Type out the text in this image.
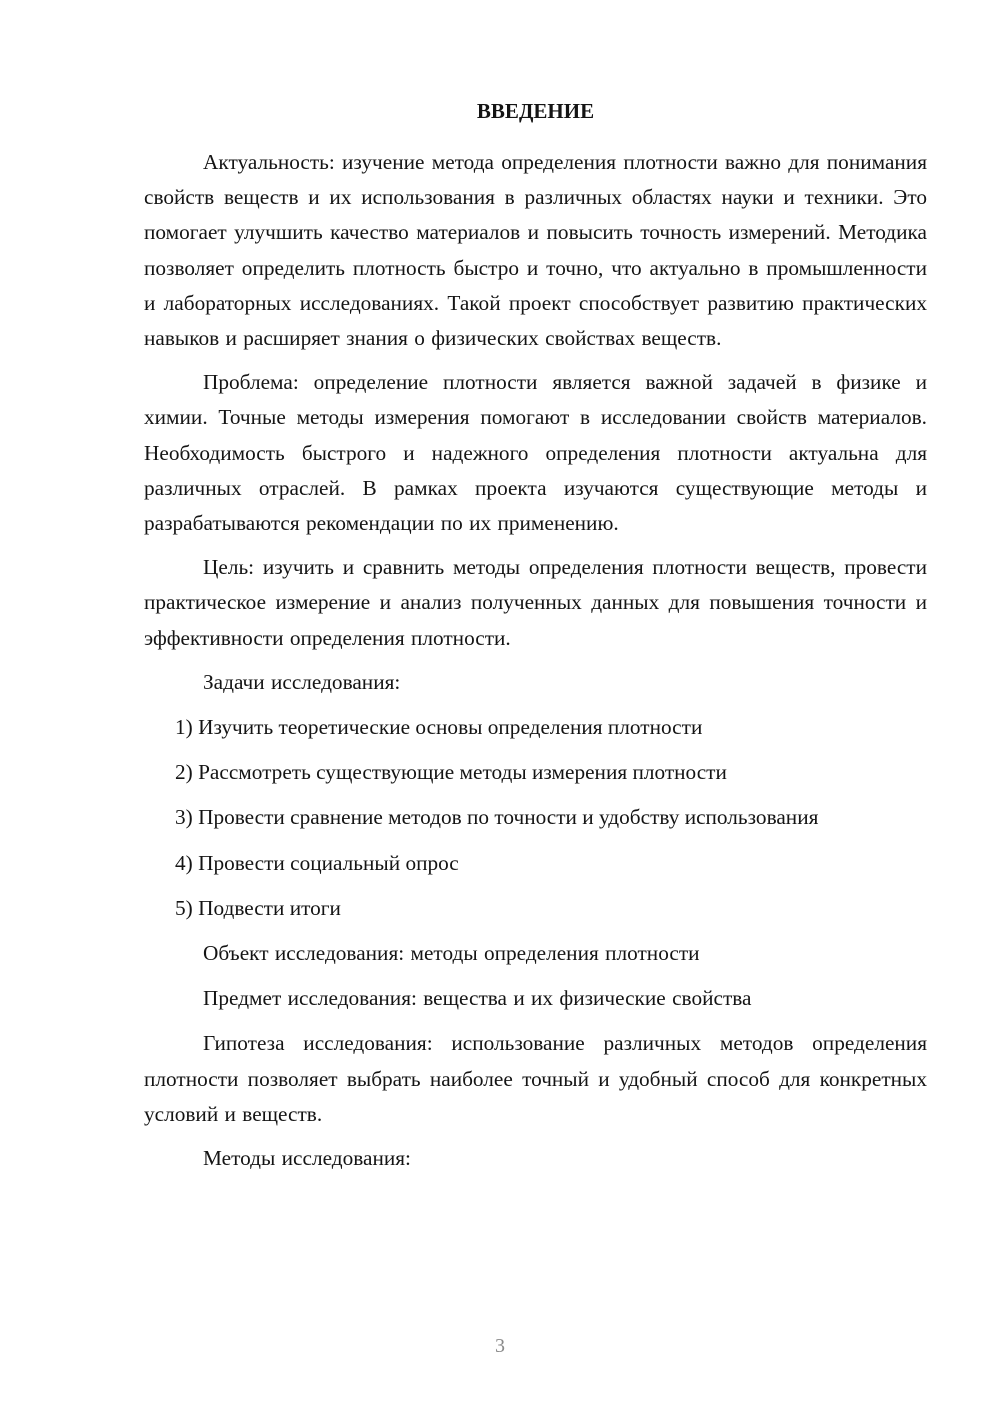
ВВЕДЕНИЕ

Актуальность: изучение метода определения плотности важно для понимания свойств веществ и их использования в различных областях науки и техники. Это помогает улучшить качество материалов и повысить точность измерений. Методика позволяет определить плотность быстро и точно, что актуально в промышленности и лабораторных исследованиях. Такой проект способствует развитию практических навыков и расширяет знания о физических свойствах веществ.

Проблема: определение плотности является важной задачей в физике и химии. Точные методы измерения помогают в исследовании свойств материалов. Необходимость быстрого и надежного определения плотности актуальна для различных отраслей. В рамках проекта изучаются существующие методы и разрабатываются рекомендации по их применению.

Цель: изучить и сравнить методы определения плотности веществ, провести практическое измерение и анализ полученных данных для повышения точности и эффективности определения плотности.

Задачи исследования:

1) Изучить теоретические основы определения плотности
2) Рассмотреть существующие методы измерения плотности
3) Провести сравнение методов по точности и удобству использования
4) Провести социальный опрос
5) Подвести итоги

Объект исследования: методы определения плотности

Предмет исследования: вещества и их физические свойства

Гипотеза исследования: использование различных методов определения плотности позволяет выбрать наиболее точный и удобный способ для конкретных условий и веществ.

Методы исследования:

3
